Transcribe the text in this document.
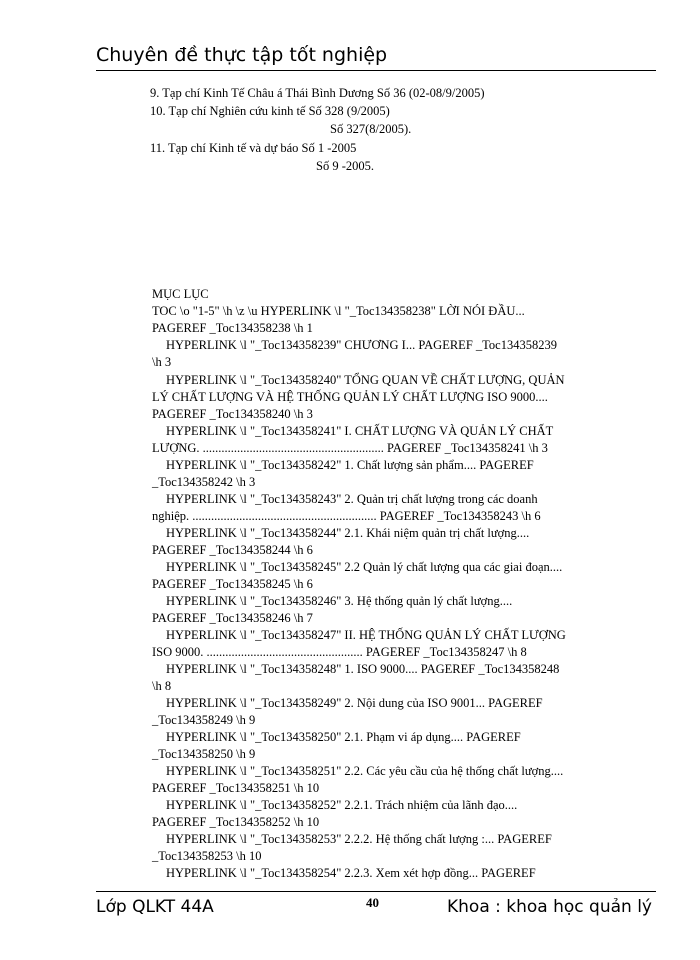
Chuyên đề thực tập tốt nghiệp
9. Tạp chí Kinh Tế Châu á Thái Bình Dương Số 36 (02-08/9/2005)
10. Tạp chí Nghiên cứu kinh tế Số 328 (9/2005)
Số 327(8/2005).
11. Tạp chí Kinh tế và dự báo Số 1 -2005
Số 9 -2005.
MỤC LỤC
TOC \o "1-5" \h \z \u HYPERLINK \l "_Toc134358238" LỜI NÓI ĐẦU...
PAGEREF _Toc134358238 \h 1
HYPERLINK \l "_Toc134358239" CHƯƠNG I... PAGEREF _Toc134358239
\h 3
HYPERLINK \l "_Toc134358240" TỔNG QUAN VỀ CHẤT LƯỢNG, QUẢN
LÝ CHẤT LƯỢNG VÀ HỆ THỐNG QUẢN LÝ CHẤT LƯỢNG ISO 9000....
PAGEREF _Toc134358240 \h 3
HYPERLINK \l "_Toc134358241" I. CHẤT LƯỢNG VÀ QUẢN LÝ CHẤT
LƯỢNG. .......................................................... PAGEREF _Toc134358241 \h 3
HYPERLINK \l "_Toc134358242" 1. Chất lượng sản phẩm.... PAGEREF
_Toc134358242 \h 3
HYPERLINK \l "_Toc134358243" 2. Quản trị chất lượng trong các doanh
nghiệp. ........................................................... PAGEREF _Toc134358243 \h 6
HYPERLINK \l "_Toc134358244" 2.1. Khái niệm quản trị chất lượng....
PAGEREF _Toc134358244 \h 6
HYPERLINK \l "_Toc134358245" 2.2 Quản lý chất lượng qua các giai đoạn....
PAGEREF _Toc134358245 \h 6
HYPERLINK \l "_Toc134358246" 3. Hệ thống quản lý chất lượng....
PAGEREF _Toc134358246 \h 7
HYPERLINK \l "_Toc134358247" II. HỆ THỐNG QUẢN LÝ CHẤT LƯỢNG
ISO 9000. .................................................. PAGEREF _Toc134358247 \h 8
HYPERLINK \l "_Toc134358248" 1. ISO 9000.... PAGEREF _Toc134358248
\h 8
HYPERLINK \l "_Toc134358249" 2. Nội dung của ISO 9001... PAGEREF
_Toc134358249 \h 9
HYPERLINK \l "_Toc134358250" 2.1. Phạm vi áp dụng.... PAGEREF
_Toc134358250 \h 9
HYPERLINK \l "_Toc134358251" 2.2. Các yêu cầu của hệ thống chất lượng....
PAGEREF _Toc134358251 \h 10
HYPERLINK \l "_Toc134358252" 2.2.1. Trách nhiệm của lãnh đạo....
PAGEREF _Toc134358252 \h 10
HYPERLINK \l "_Toc134358253" 2.2.2. Hệ thống chất lượng :... PAGEREF
_Toc134358253 \h 10
HYPERLINK \l "_Toc134358254" 2.2.3. Xem xét hợp đồng... PAGEREF
Lớp QLKT 44A	40	Khoa : khoa học quản lý
